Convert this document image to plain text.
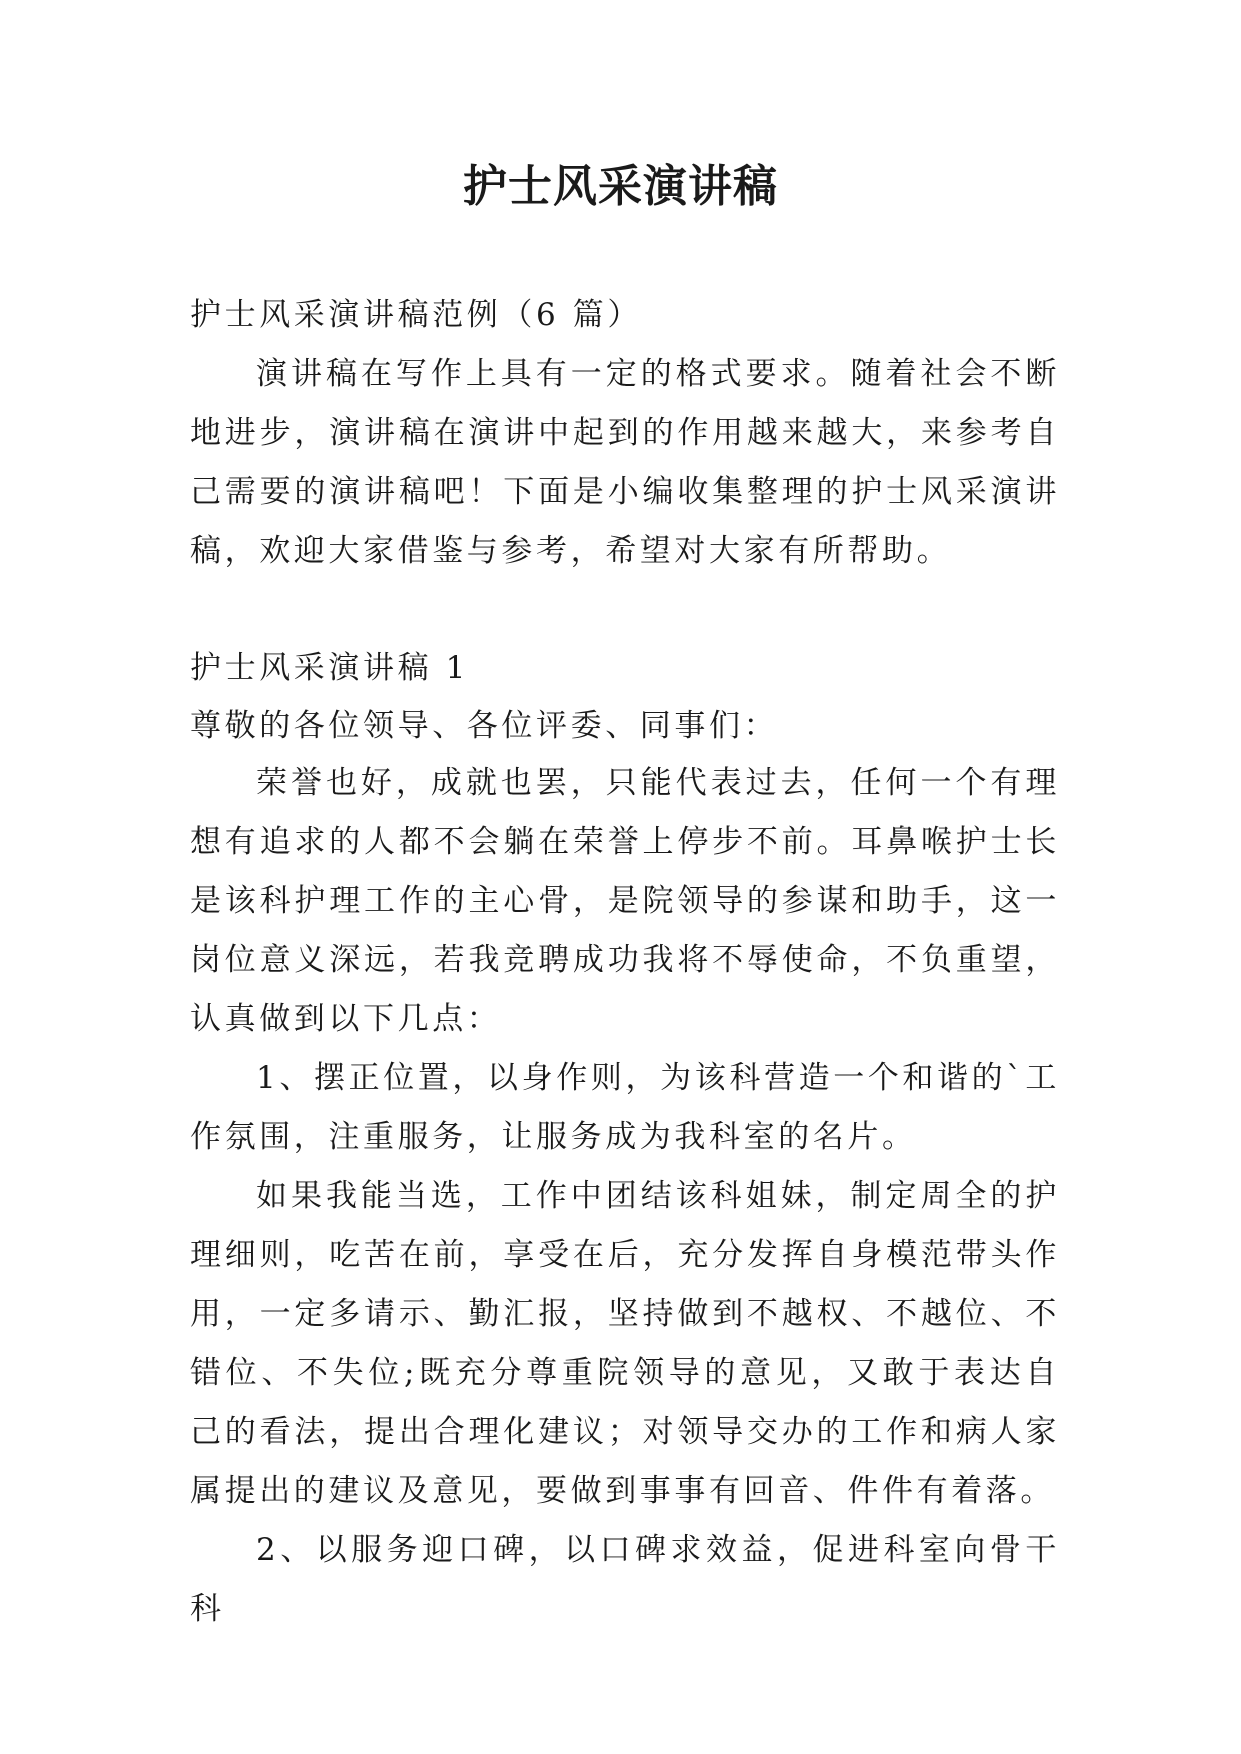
护士风采演讲稿

护士风采演讲稿范例（6 篇）

演讲稿在写作上具有一定的格式要求。随着社会不断地进步，演讲稿在演讲中起到的作用越来越大，来参考自己需要的演讲稿吧！下面是小编收集整理的护士风采演讲稿，欢迎大家借鉴与参考，希望对大家有所帮助。

护士风采演讲稿 1

尊敬的各位领导、各位评委、同事们：

荣誉也好，成就也罢，只能代表过去，任何一个有理想有追求的人都不会躺在荣誉上停步不前。耳鼻喉护士长是该科护理工作的主心骨，是院领导的参谋和助手，这一岗位意义深远，若我竞聘成功我将不辱使命，不负重望，认真做到以下几点：

1、摆正位置，以身作则，为该科营造一个和谐的`工作氛围，注重服务，让服务成为我科室的名片。

如果我能当选，工作中团结该科姐妹，制定周全的护理细则，吃苦在前，享受在后，充分发挥自身模范带头作用，一定多请示、勤汇报，坚持做到不越权、不越位、不错位、不失位;既充分尊重院领导的意见，又敢于表达自己的看法，提出合理化建议；对领导交办的工作和病人家属提出的建议及意见，要做到事事有回音、件件有着落。

2、以服务迎口碑，以口碑求效益，促进科室向骨干科
